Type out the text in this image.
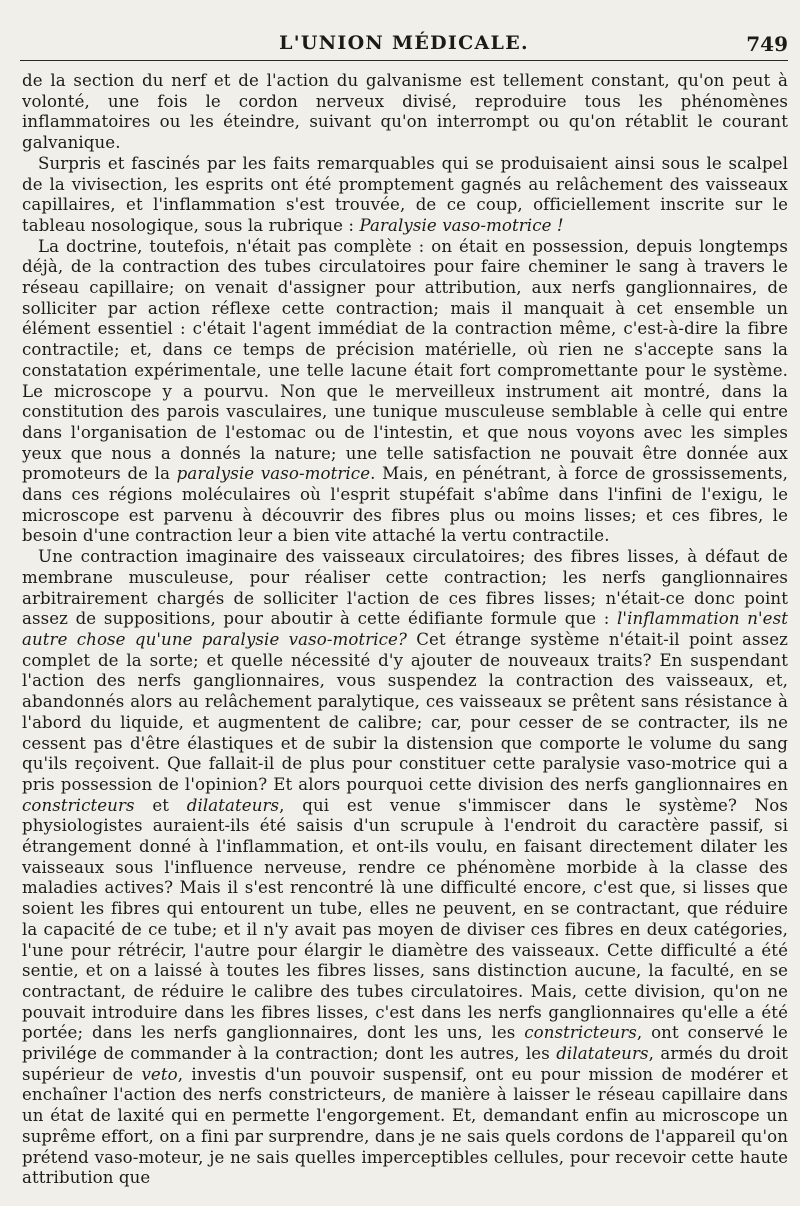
L'UNION MÉDICALE.	749

de la section du nerf et de l'action du galvanisme est tellement constant, qu'on peut à volonté, une fois le cordon nerveux divisé, reproduire tous les phénomènes inflammatoires ou les éteindre, suivant qu'on interrompt ou qu'on rétablit le courant galvanique.

Surpris et fascinés par les faits remarquables qui se produisaient ainsi sous le scalpel de la vivisection, les esprits ont été promptement gagnés au relâchement des vaisseaux capillaires, et l'inflammation s'est trouvée, de ce coup, officiellement inscrite sur le tableau nosologique, sous la rubrique : Paralysie vaso-motrice !

La doctrine, toutefois, n'était pas complète : on était en possession, depuis longtemps déjà, de la contraction des tubes circulatoires pour faire cheminer le sang à travers le réseau capillaire; on venait d'assigner pour attribution, aux nerfs ganglionnaires, de solliciter par action réflexe cette contraction; mais il manquait à cet ensemble un élément essentiel : c'était l'agent immédiat de la contraction même, c'est-à-dire la fibre contractile; et, dans ce temps de précision matérielle, où rien ne s'accepte sans la constatation expérimentale, une telle lacune était fort compromettante pour le système. Le microscope y a pourvu. Non que le merveilleux instrument ait montré, dans la constitution des parois vasculaires, une tunique musculeuse semblable à celle qui entre dans l'organisation de l'estomac ou de l'intestin, et que nous voyons avec les simples yeux que nous a donnés la nature; une telle satisfaction ne pouvait être donnée aux promoteurs de la paralysie vaso-motrice. Mais, en pénétrant, à force de grossissements, dans ces régions moléculaires où l'esprit stupéfait s'abîme dans l'infini de l'exigu, le microscope est parvenu à découvrir des fibres plus ou moins lisses; et ces fibres, le besoin d'une contraction leur a bien vite attaché la vertu contractile.

Une contraction imaginaire des vaisseaux circulatoires; des fibres lisses, à défaut de membrane musculeuse, pour réaliser cette contraction; les nerfs ganglionnaires arbitrairement chargés de solliciter l'action de ces fibres lisses; n'était-ce donc point assez de suppositions, pour aboutir à cette édifiante formule que : l'inflammation n'est autre chose qu'une paralysie vaso-motrice? Cet étrange système n'était-il point assez complet de la sorte; et quelle nécessité d'y ajouter de nouveaux traits? En suspendant l'action des nerfs ganglionnaires, vous suspendez la contraction des vaisseaux, et, abandonnés alors au relâchement paralytique, ces vaisseaux se prêtent sans résistance à l'abord du liquide, et augmentent de calibre; car, pour cesser de se contracter, ils ne cessent pas d'être élastiques et de subir la distension que comporte le volume du sang qu'ils reçoivent. Que fallait-il de plus pour constituer cette paralysie vaso-motrice qui a pris possession de l'opinion? Et alors pourquoi cette division des nerfs ganglionnaires en constricteurs et dilatateurs, qui est venue s'immiscer dans le système? Nos physiologistes auraient-ils été saisis d'un scrupule à l'endroit du caractère passif, si étrangement donné à l'inflammation, et ont-ils voulu, en faisant directement dilater les vaisseaux sous l'influence nerveuse, rendre ce phénomène morbide à la classe des maladies actives? Mais il s'est rencontré là une difficulté encore, c'est que, si lisses que soient les fibres qui entourent un tube, elles ne peuvent, en se contractant, que réduire la capacité de ce tube; et il n'y avait pas moyen de diviser ces fibres en deux catégories, l'une pour rétrécir, l'autre pour élargir le diamètre des vaisseaux. Cette difficulté a été sentie, et on a laissé à toutes les fibres lisses, sans distinction aucune, la faculté, en se contractant, de réduire le calibre des tubes circulatoires. Mais, cette division, qu'on ne pouvait introduire dans les fibres lisses, c'est dans les nerfs ganglionnaires qu'elle a été portée; dans les nerfs ganglionnaires, dont les uns, les constricteurs, ont conservé le privilége de commander à la contraction; dont les autres, les dilatateurs, armés du droit supérieur de veto, investis d'un pouvoir suspensif, ont eu pour mission de modérer et enchaîner l'action des nerfs constricteurs, de manière à laisser le réseau capillaire dans un état de laxité qui en permette l'engorgement. Et, demandant enfin au microscope un suprême effort, on a fini par surprendre, dans je ne sais quels cordons de l'appareil qu'on prétend vaso-moteur, je ne sais quelles imperceptibles cellules, pour recevoir cette haute attribution que
